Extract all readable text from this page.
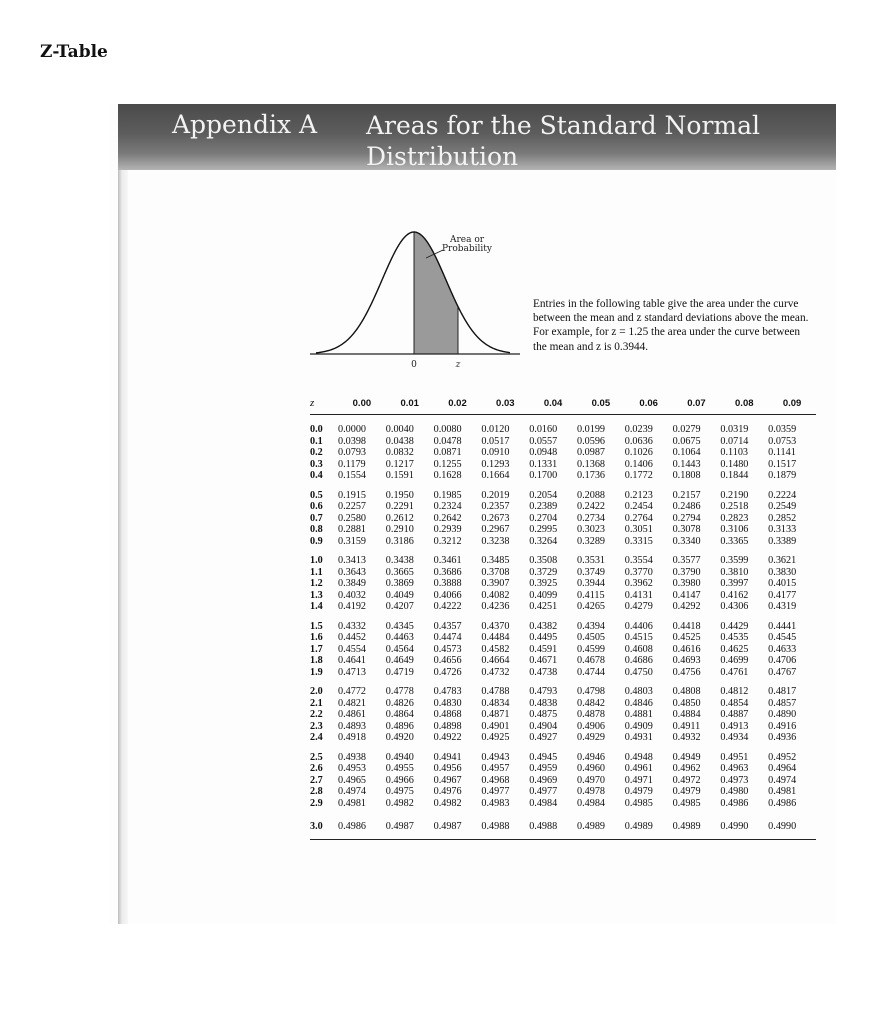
Z-Table
Appendix A Areas for the Standard Normal Distribution
0	z
Area or
Probability
Entries in the following table give the area under the curve between the mean and z standard deviations above the mean. For example, for z = 1.25 the area under the curve between the mean and z is 0.3944.
z	0.00	0.01	0.02	0.03	0.04	0.05	0.06	0.07	0.08	0.09
0.0	0.0000	0.0040	0.0080	0.0120	0.0160	0.0199	0.0239	0.0279	0.0319	0.0359
0.1	0.0398	0.0438	0.0478	0.0517	0.0557	0.0596	0.0636	0.0675	0.0714	0.0753
0.2	0.0793	0.0832	0.0871	0.0910	0.0948	0.0987	0.1026	0.1064	0.1103	0.1141
0.3	0.1179	0.1217	0.1255	0.1293	0.1331	0.1368	0.1406	0.1443	0.1480	0.1517
0.4	0.1554	0.1591	0.1628	0.1664	0.1700	0.1736	0.1772	0.1808	0.1844	0.1879
0.5	0.1915	0.1950	0.1985	0.2019	0.2054	0.2088	0.2123	0.2157	0.2190	0.2224
0.6	0.2257	0.2291	0.2324	0.2357	0.2389	0.2422	0.2454	0.2486	0.2518	0.2549
0.7	0.2580	0.2612	0.2642	0.2673	0.2704	0.2734	0.2764	0.2794	0.2823	0.2852
0.8	0.2881	0.2910	0.2939	0.2967	0.2995	0.3023	0.3051	0.3078	0.3106	0.3133
0.9	0.3159	0.3186	0.3212	0.3238	0.3264	0.3289	0.3315	0.3340	0.3365	0.3389
1.0	0.3413	0.3438	0.3461	0.3485	0.3508	0.3531	0.3554	0.3577	0.3599	0.3621
1.1	0.3643	0.3665	0.3686	0.3708	0.3729	0.3749	0.3770	0.3790	0.3810	0.3830
1.2	0.3849	0.3869	0.3888	0.3907	0.3925	0.3944	0.3962	0.3980	0.3997	0.4015
1.3	0.4032	0.4049	0.4066	0.4082	0.4099	0.4115	0.4131	0.4147	0.4162	0.4177
1.4	0.4192	0.4207	0.4222	0.4236	0.4251	0.4265	0.4279	0.4292	0.4306	0.4319
1.5	0.4332	0.4345	0.4357	0.4370	0.4382	0.4394	0.4406	0.4418	0.4429	0.4441
1.6	0.4452	0.4463	0.4474	0.4484	0.4495	0.4505	0.4515	0.4525	0.4535	0.4545
1.7	0.4554	0.4564	0.4573	0.4582	0.4591	0.4599	0.4608	0.4616	0.4625	0.4633
1.8	0.4641	0.4649	0.4656	0.4664	0.4671	0.4678	0.4686	0.4693	0.4699	0.4706
1.9	0.4713	0.4719	0.4726	0.4732	0.4738	0.4744	0.4750	0.4756	0.4761	0.4767
2.0	0.4772	0.4778	0.4783	0.4788	0.4793	0.4798	0.4803	0.4808	0.4812	0.4817
2.1	0.4821	0.4826	0.4830	0.4834	0.4838	0.4842	0.4846	0.4850	0.4854	0.4857
2.2	0.4861	0.4864	0.4868	0.4871	0.4875	0.4878	0.4881	0.4884	0.4887	0.4890
2.3	0.4893	0.4896	0.4898	0.4901	0.4904	0.4906	0.4909	0.4911	0.4913	0.4916
2.4	0.4918	0.4920	0.4922	0.4925	0.4927	0.4929	0.4931	0.4932	0.4934	0.4936
2.5	0.4938	0.4940	0.4941	0.4943	0.4945	0.4946	0.4948	0.4949	0.4951	0.4952
2.6	0.4953	0.4955	0.4956	0.4957	0.4959	0.4960	0.4961	0.4962	0.4963	0.4964
2.7	0.4965	0.4966	0.4967	0.4968	0.4969	0.4970	0.4971	0.4972	0.4973	0.4974
2.8	0.4974	0.4975	0.4976	0.4977	0.4977	0.4978	0.4979	0.4979	0.4980	0.4981
2.9	0.4981	0.4982	0.4982	0.4983	0.4984	0.4984	0.4985	0.4985	0.4986	0.4986
3.0	0.4986	0.4987	0.4987	0.4988	0.4988	0.4989	0.4989	0.4989	0.4990	0.4990
